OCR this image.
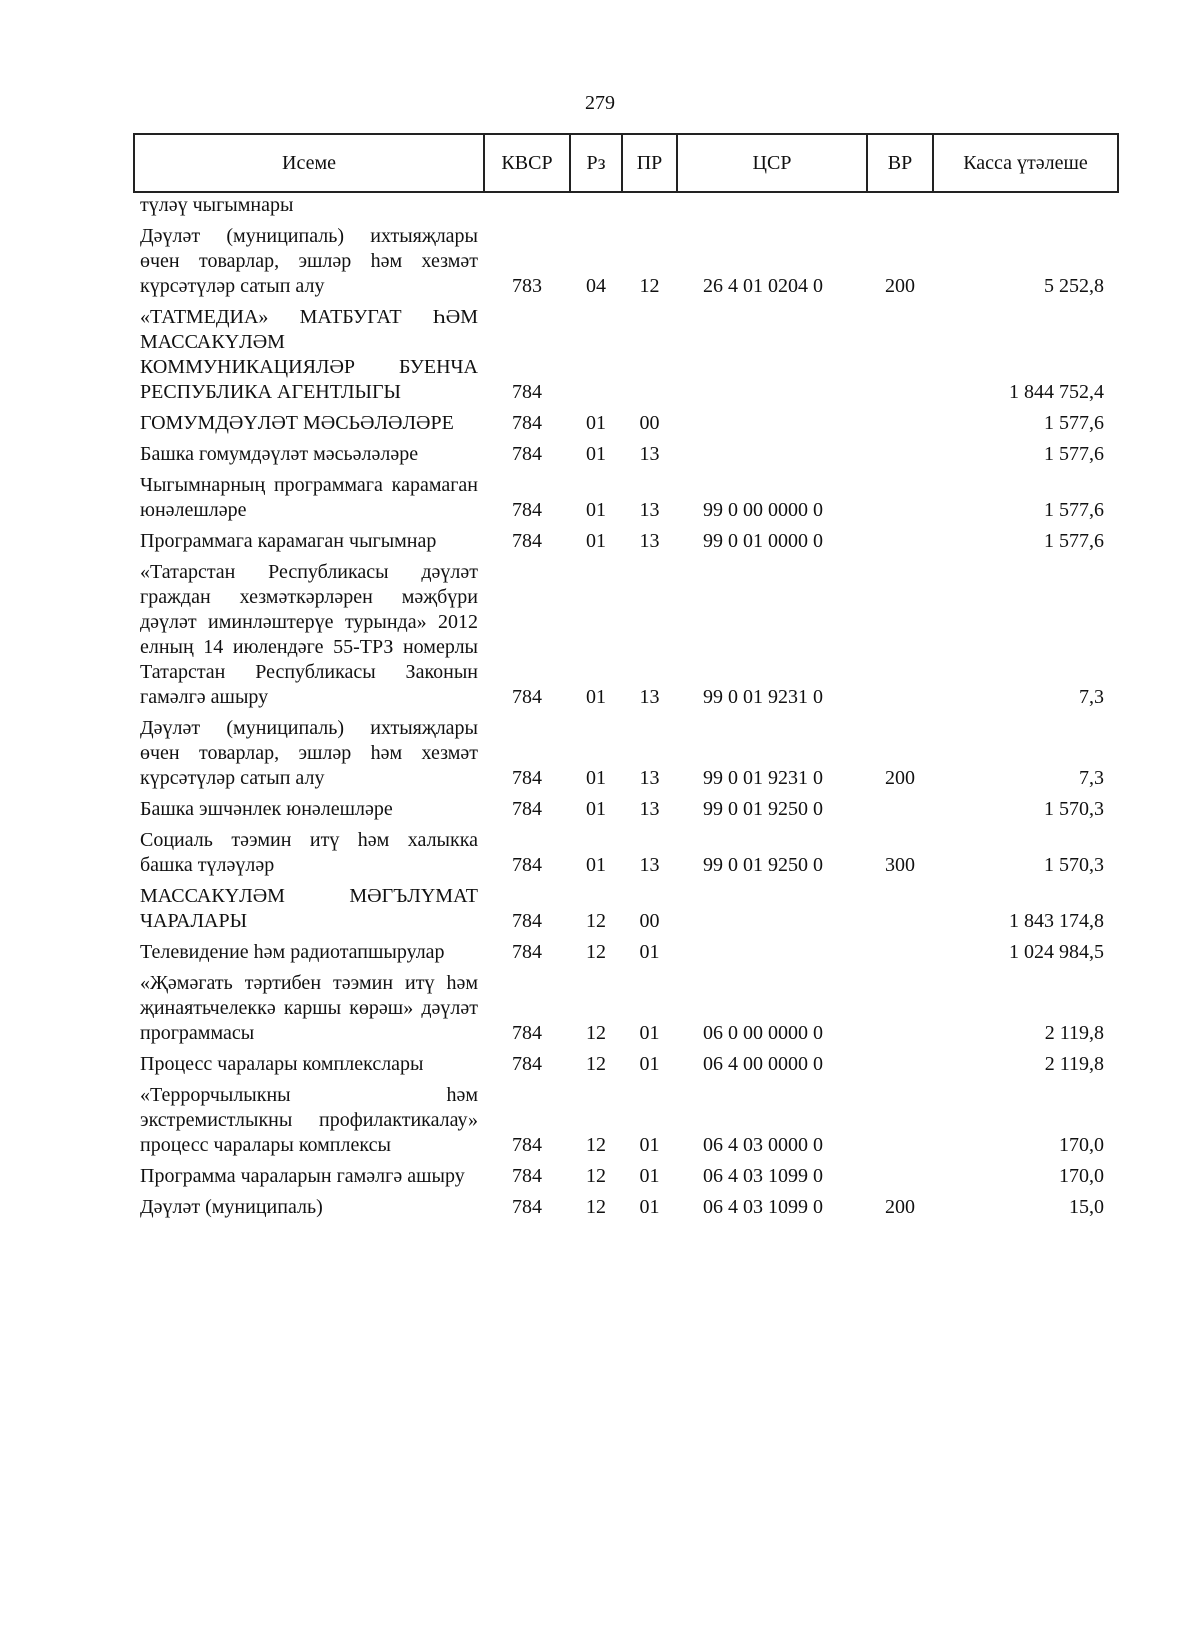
279
Исеме	КВСР	Рз	ПР	ЦСР	ВР	Касса үтәлеше
түләү чыгымнары						
Дәүләт (муниципаль) ихтыяҗлары өчен товарлар, эшләр һәм хезмәт күрсәтүләр сатып алу	783	04	12	26 4 01 0204 0	200	5 252,8
«ТАТМЕДИА» МАТБУГАТ ҺӘМ МАССАКҮЛӘМ КОММУНИКАЦИЯЛӘР БУЕНЧА РЕСПУБЛИКА АГЕНТЛЫГЫ	784					1 844 752,4
ГОМУМДӘҮЛӘТ МӘСЬӘЛӘЛӘРЕ	784	01	00			1 577,6
Башка гомумдәүләт мәсьәләләре	784	01	13			1 577,6
Чыгымнарның программага карамаган юнәлешләре	784	01	13	99 0 00 0000 0		1 577,6
Программага карамаган чыгымнар	784	01	13	99 0 01 0000 0		1 577,6
«Татарстан Республикасы дәүләт граждан хезмәткәрләрен мәҗбүри дәүләт иминләштерүе турында» 2012 елның 14 июлендәге 55-ТРЗ номерлы Татарстан Республикасы Законын гамәлгә ашыру	784	01	13	99 0 01 9231 0		7,3
Дәүләт (муниципаль) ихтыяҗлары өчен товарлар, эшләр һәм хезмәт күрсәтүләр сатып алу	784	01	13	99 0 01 9231 0	200	7,3
Башка эшчәнлек юнәлешләре	784	01	13	99 0 01 9250 0		1 570,3
Социаль тәэмин итү һәм халыкка башка түләүләр	784	01	13	99 0 01 9250 0	300	1 570,3
МАССАКҮЛӘМ МӘГЪЛҮМАТ ЧАРАЛАРЫ	784	12	00			1 843 174,8
Телевидение һәм радиотапшырулар	784	12	01			1 024 984,5
«Җәмәгать тәртибен тәэмин итү һәм җинаятьчелеккә каршы көрәш» дәүләт программасы	784	12	01	06 0 00 0000 0		2 119,8
Процесс чаралары комплекслары	784	12	01	06 4 00 0000 0		2 119,8
«Террорчылыкны һәм экстремистлыкны профилактикалау» процесс чаралары комплексы	784	12	01	06 4 03 0000 0		170,0
Программа чараларын гамәлгә ашыру	784	12	01	06 4 03 1099 0		170,0
Дәүләт (муниципаль)	784	12	01	06 4 03 1099 0	200	15,0
